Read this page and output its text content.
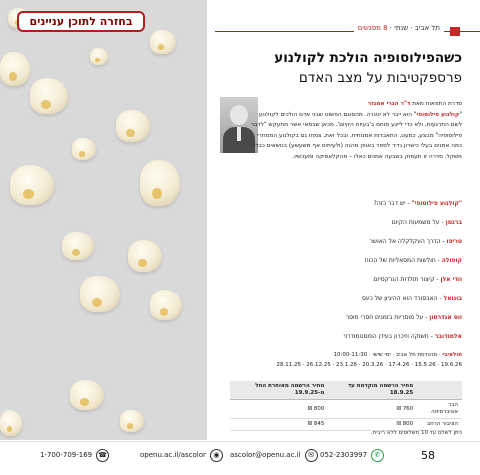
בחזרה לתוכן עניינים	תל אביב · שנתי · 8 מפגשים
כשהפילוסופיה הולכת לקולנוע
פרספקטיבות על מצב האדם

סדרת התפאות מאת ד"ר הגרי אמנזר

"קולנוע פילוסופי" הוא ייבר לא יטנרה. מהסוגם הפשוט שבני אדם הולכים לקולנוע לשם התרגעות, ולא כדי לייגע מוחם ב'בעיות הקיום'. מכאן שבמאי אשר מתעקש "לדבר פילוסופיה" מבצע, כמעט, התאבדות אמנותית. ובכל זאת, צמחו גם בקולנוע המסחרי כמה אמנים בעלי כישרון נדיר לספר באופן מהנה (ולעיתים אף משעשע) בנושאים כבדי משקל. סדרה זו תעסוק בשבעה אמנים כאלו – מהקלאסיקה ומעכשיו.

"קולנוע פילוסופי" - יש דבר כזה?
ברגמן - על משמעות הקיום
טריפו - הדרך העקלקלה אל האושר
קופולה - חולשות המסאליות של הכוח
וודי אלן - קיצור תולדות הנרקסיזם
בונואל - האבסורד הוא ההיגיון של כעס
ווס אנדרסון - על מוסריות בזמנים חסרי מוסר
אלמודובר - תשוקה וזיכרון בעידן הפוסטמודרני

חולאיבי · מהנדסת תל אביב · ימי שישי · 10:00-11:30

19.6.26 · 15.5.26 · 17.4.26 · 20.3.26 · 23.1.26 · 26.12.25 · 28.11.25

	מחיר הרשמה מוקדמת עד 18.9.25	מחיר הרשמה מאוחרת החל מ-19.9.25
הבר אוניברסיטה	760 ₪	800 ₪
הציבור הרחב	800 ₪	845 ₪
ניתן לשלם עד 10 תשלומים ללא ריבית.
1-700-709-169 ☎	openu.ac.il/ascolor	◉	ascolor@openu.ac.il	✉ 052-2303997	✆	58
